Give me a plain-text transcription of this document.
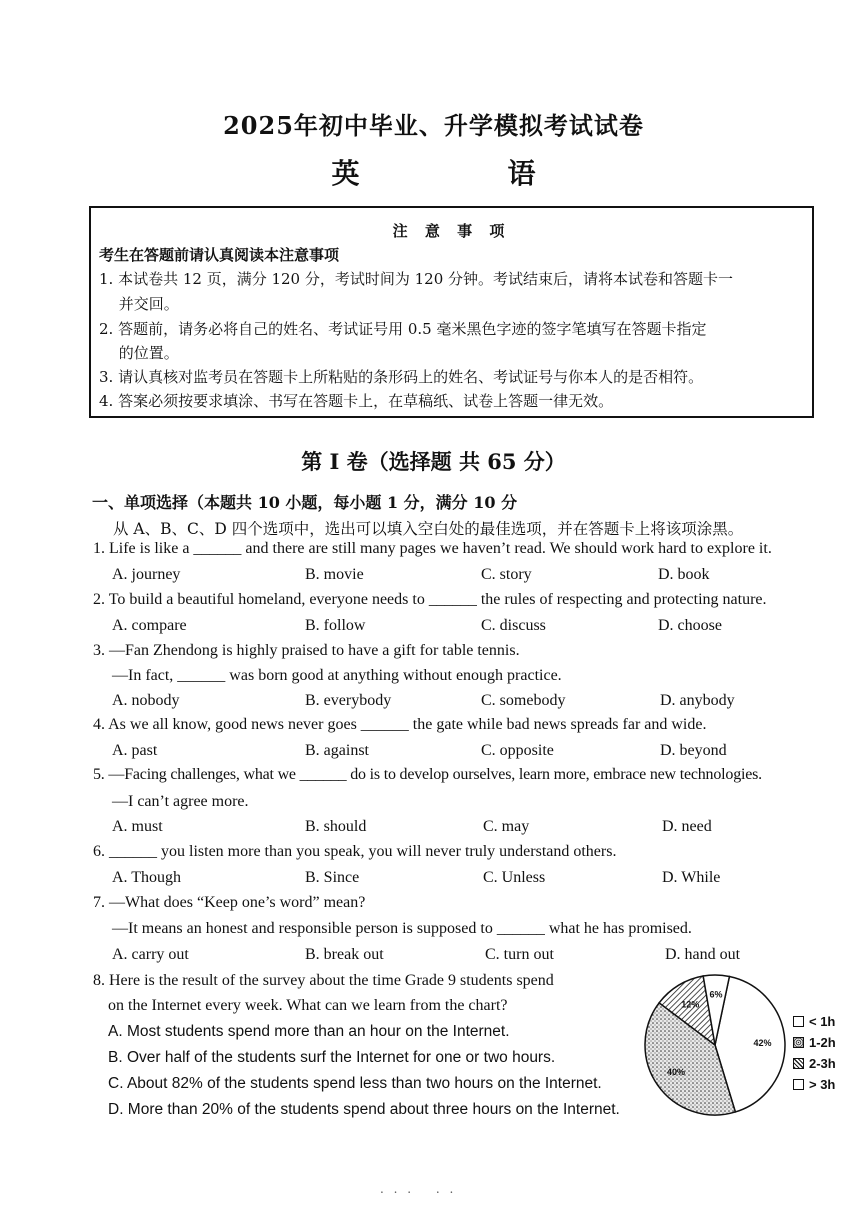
2025年初中毕业、升学模拟考试试卷
英　语
注 意 事 项
考生在答题前请认真阅读本注意事项
1. 本试卷共 12 页，满分 120 分，考试时间为 120 分钟。考试结束后，请将本试卷和答题卡一
　 并交回。
2. 答题前，请务必将自己的姓名、考试证号用 0.5 毫米黑色字迹的签字笔填写在答题卡指定
　 的位置。
3. 请认真核对监考员在答题卡上所粘贴的条形码上的姓名、考试证号与你本人的是否相符。
4. 答案必须按要求填涂、书写在答题卡上，在草稿纸、试卷上答题一律无效。
第 I 卷（选择题 共 65 分）
一、单项选择（本题共 10 小题，每小题 1 分，满分 10 分
从 A、B、C、D 四个选项中，选出可以填入空白处的最佳选项，并在答题卡上将该项涂黑。
1. Life is like a ______ and there are still many pages we haven’t read. We should work hard to explore it.
A. journey	B. movie	C. story	D. book
2. To build a beautiful homeland, everyone needs to ______ the rules of respecting and protecting nature.
A. compare	B. follow	C. discuss	D. choose
3. —Fan Zhendong is highly praised to have a gift for table tennis.
—In fact, ______ was born good at anything without enough practice.
A. nobody	B. everybody	C. somebody	D. anybody
4. As we all know, good news never goes ______ the gate while bad news spreads far and wide.
A. past	B. against	C. opposite	D. beyond
5. —Facing challenges, what we ______ do is to develop ourselves, learn more, embrace new technologies.
—I can’t agree more.
A. must	B. should	C. may	D. need
6. ______ you listen more than you speak, you will never truly understand others.
A. Though	B. Since	C. Unless	D. While
7. —What does “Keep one’s word” mean?
—It means an honest and responsible person is supposed to ______ what he has promised.
A. carry out	B. break out	C. turn out	D. hand out
8. Here is the result of the survey about the time Grade 9 students spend
on the Internet every week. What can we learn from the chart?
A. Most students spend more than an hour on the Internet.
B. Over half of the students surf the Internet for one or two hours.
C. About 82% of the students spend less than two hours on the Internet.
D. More than 20% of the students spend about three hours on the Internet.
42%
40%
12%
6%
< 1h
1-2h
2-3h
> 3h
. . .　 . .
